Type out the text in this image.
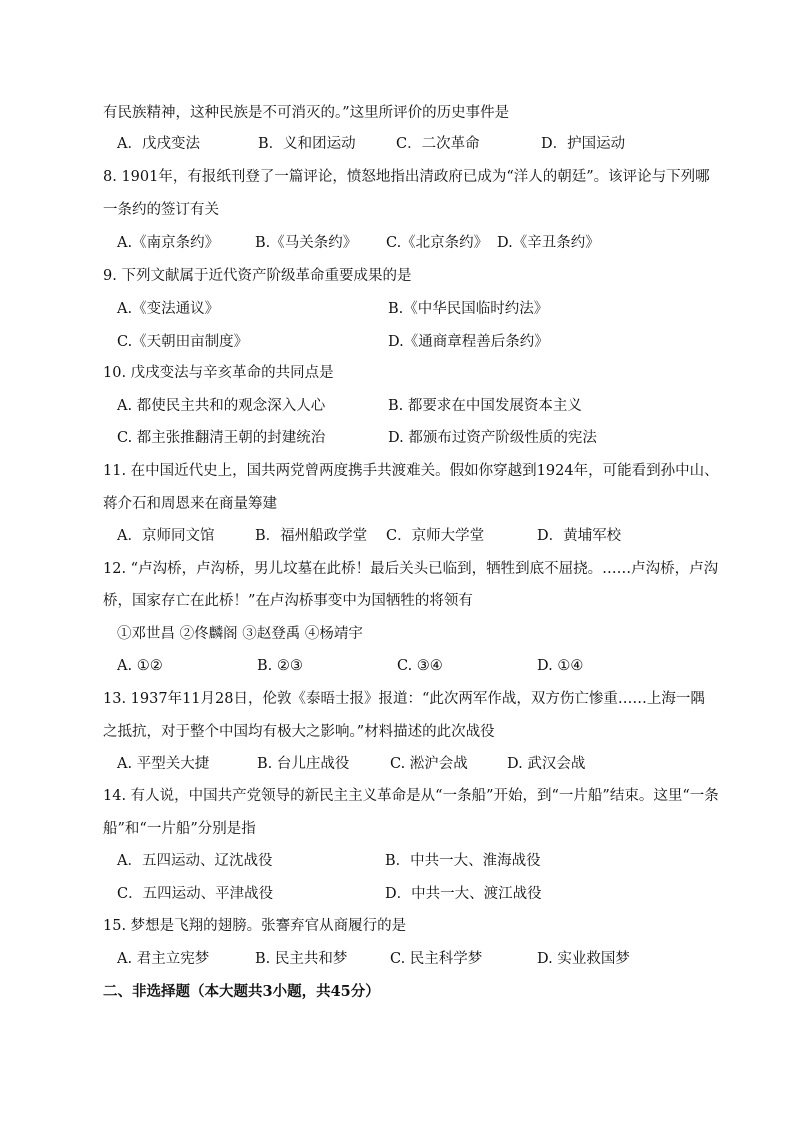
有民族精神，这种民族是不可消灭的。”这里所评价的历史事件是
A．戊戌变法	B．义和团运动	C．二次革命	D．护国运动
8. 1901年，有报纸刊登了一篇评论，愤怒地指出清政府已成为“洋人的朝廷”。该评论与下列哪
一条约的签订有关
A.《南京条约》 B.《马关条约》 C.《北京条约》 D.《辛丑条约》
9. 下列文献属于近代资产阶级革命重要成果的是
A.《变法通议》	B.《中华民国临时约法》
C.《天朝田亩制度》	D.《通商章程善后条约》
10. 戊戌变法与辛亥革命的共同点是
A. 都使民主共和的观念深入人心	B. 都要求在中国发展资本主义
C. 都主张推翻清王朝的封建统治	D. 都颁布过资产阶级性质的宪法
11. 在中国近代史上，国共两党曾两度携手共渡难关。假如你穿越到1924年，可能看到孙中山、
蒋介石和周恩来在商量筹建
A．京师同文馆	B．福州船政学堂 C．京师大学堂	D．黄埔军校
12. “卢沟桥，卢沟桥，男儿坟墓在此桥！最后关头已临到，牺牲到底不屈挠。……卢沟桥，卢沟
桥，国家存亡在此桥！”在卢沟桥事变中为国牺牲的将领有
①邓世昌 ②佟麟阁 ③赵登禹 ④杨靖宇
A. ①②	B. ②③	C. ③④	D. ①④
13. 1937年11月28日，伦敦《泰晤士报》报道：“此次两军作战，双方伤亡惨重……上海一隅
之抵抗，对于整个中国均有极大之影响。”材料描述的此次战役
A. 平型关大捷	B. 台儿庄战役	C. 淞沪会战	D. 武汉会战
14. 有人说，中国共产党领导的新民主主义革命是从“一条船”开始，到“一片船”结束。这里“一条
船”和“一片船”分别是指
A．五四运动、辽沈战役	B．中共一大、淮海战役
C．五四运动、平津战役	D．中共一大、渡江战役
15. 梦想是飞翔的翅膀。张謇弃官从商履行的是
A. 君主立宪梦	B. 民主共和梦	C. 民主科学梦	D. 实业救国梦
二、非选择题（本大题共3小题，共45分）
